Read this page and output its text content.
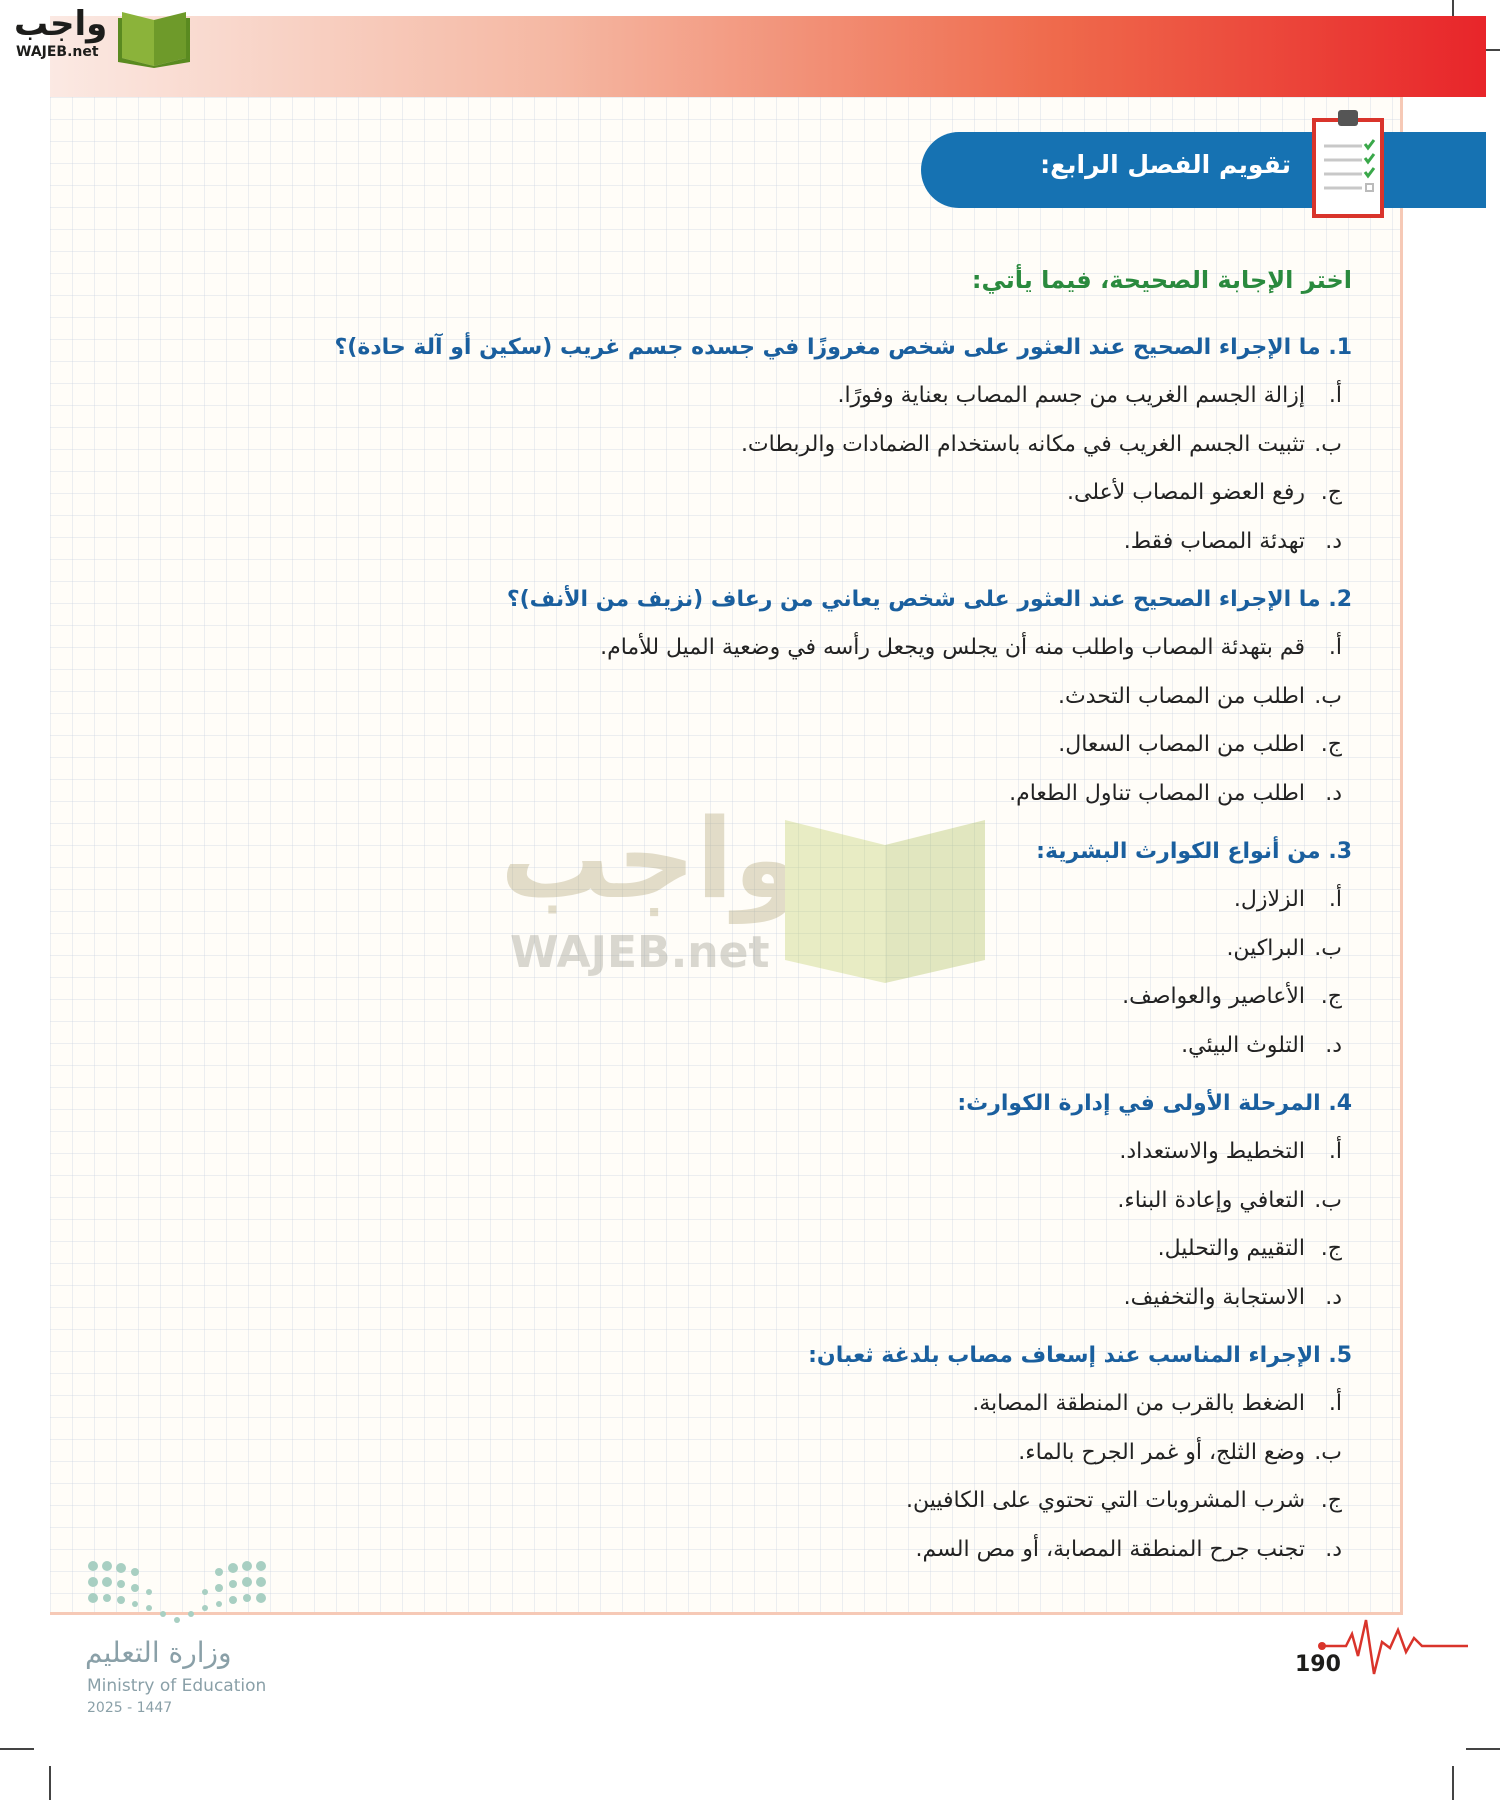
واجب
WAJEB.net
تقويم الفصل الرابع:
واجب
WAJEB.net

اختر الإجابة الصحيحة، فيما يأتي:

1. ما الإجراء الصحيح عند العثور على شخص مغروزًا في جسده جسم غريب (سكين أو آلة حادة)؟

أ. إزالة الجسم الغريب من جسم المصاب بعناية وفورًا.
ب. تثبيت الجسم الغريب في مكانه باستخدام الضمادات والربطات.
ج. رفع العضو المصاب لأعلى.
د. تهدئة المصاب فقط.

2. ما الإجراء الصحيح عند العثور على شخص يعاني من رعاف (نزيف من الأنف)؟

أ. قم بتهدئة المصاب واطلب منه أن يجلس ويجعل رأسه في وضعية الميل للأمام.
ب. اطلب من المصاب التحدث.
ج. اطلب من المصاب السعال.
د. اطلب من المصاب تناول الطعام.

3. من أنواع الكوارث البشرية:

أ. الزلازل.
ب. البراكين.
ج. الأعاصير والعواصف.
د. التلوث البيئي.

4. المرحلة الأولى في إدارة الكوارث:

أ. التخطيط والاستعداد.
ب. التعافي وإعادة البناء.
ج. التقييم والتحليل.
د. الاستجابة والتخفيف.

5. الإجراء المناسب عند إسعاف مصاب بلدغة ثعبان:

أ. الضغط بالقرب من المنطقة المصابة.
ب. وضع الثلج، أو غمر الجرح بالماء.
ج. شرب المشروبات التي تحتوي على الكافيين.
د. تجنب جرح المنطقة المصابة، أو مص السم.
وزارة التعليم
Ministry of Education
2025 - 1447
190
